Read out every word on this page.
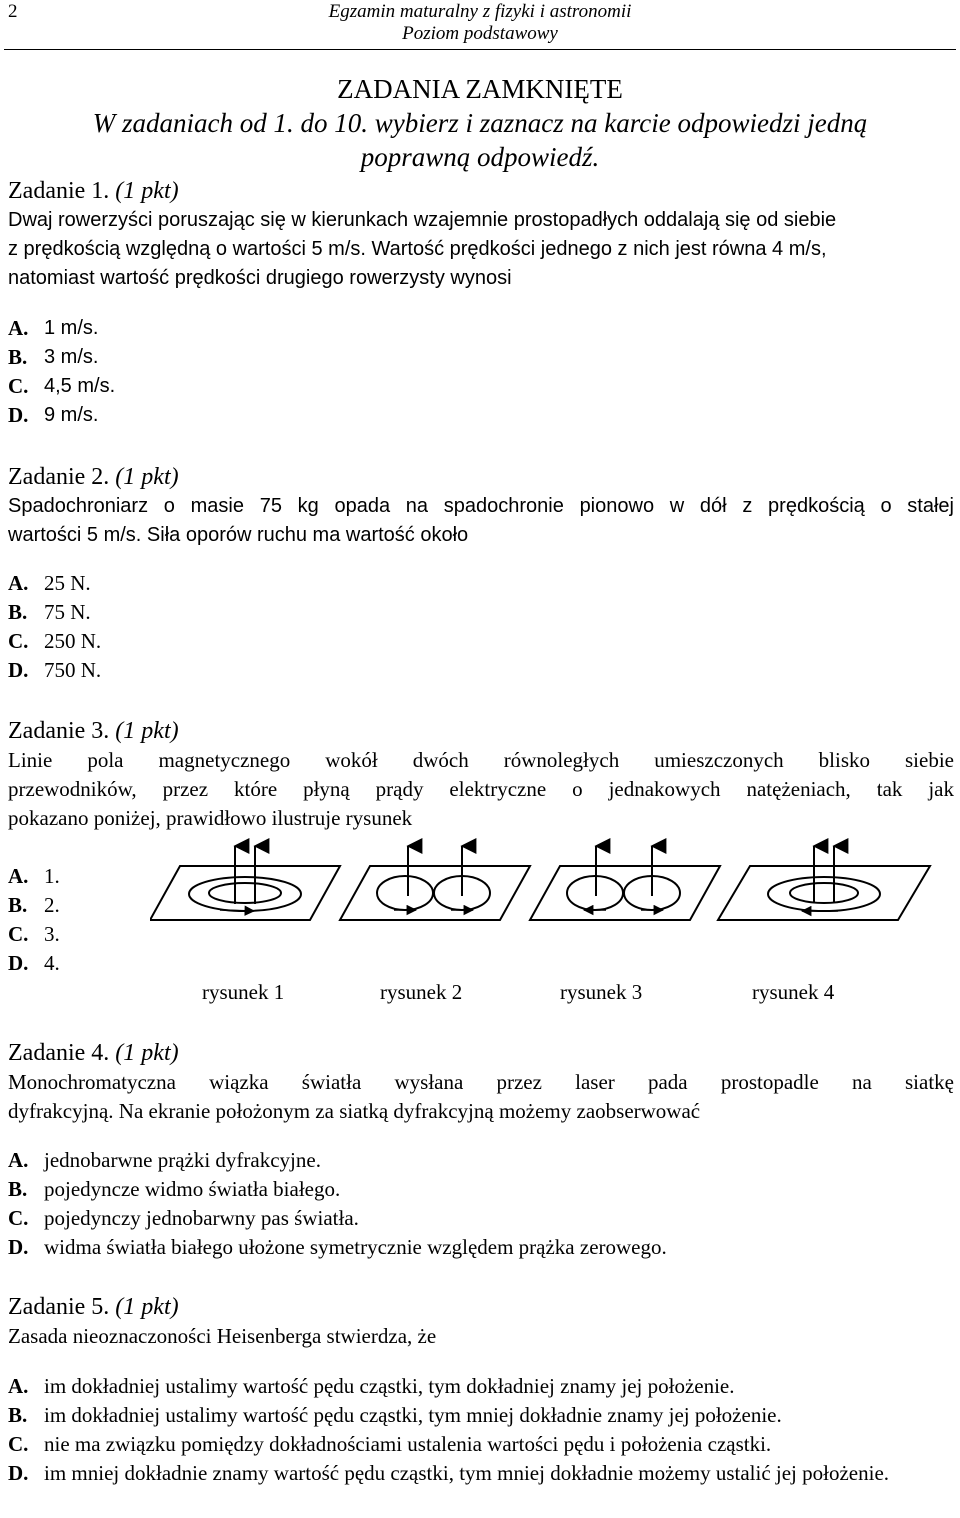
2	Egzamin maturalny z fizyki i astronomii
Poziom podstawowy
ZADANIA ZAMKNIĘTE
W zadaniach od 1. do 10. wybierz i zaznacz na karcie odpowiedzi jedną
poprawną odpowiedź.
Zadanie 1. (1 pkt)
Dwaj rowerzyści poruszając się w kierunkach wzajemnie prostopadłych oddalają się od siebie
z prędkością względną o wartości 5 m/s. Wartość prędkości jednego z nich jest równa 4 m/s,
natomiast wartość prędkości drugiego rowerzysty wynosi
A. 1 m/s.
B. 3 m/s.
C. 4,5 m/s.
D. 9 m/s.
Zadanie 2. (1 pkt)
Spadochroniarz o masie 75 kg opada na spadochronie pionowo w dół z prędkością o stałej
wartości 5 m/s. Siła oporów ruchu ma wartość około
A. 25 N.
B. 75 N.
C. 250 N.
D. 750 N.
Zadanie 3. (1 pkt)
Linie pola magnetycznego wokół dwóch równoległych umieszczonych blisko siebie
przewodników, przez które płyną prądy elektryczne o jednakowych natężeniach, tak jak
pokazano poniżej, prawidłowo ilustruje rysunek
A. 1.
B. 2.
C. 3.
D. 4.
rysunek 1	rysunek 2	rysunek 3	rysunek 4
Zadanie 4. (1 pkt)
Monochromatyczna wiązka światła wysłana przez laser pada prostopadle na siatkę
dyfrakcyjną. Na ekranie położonym za siatką dyfrakcyjną możemy zaobserwować
A. jednobarwne prążki dyfrakcyjne.
B. pojedyncze widmo światła białego.
C. pojedynczy jednobarwny pas światła.
D. widma światła białego ułożone symetrycznie względem prążka zerowego.
Zadanie 5. (1 pkt)
Zasada nieoznaczoności Heisenberga stwierdza, że
A. im dokładniej ustalimy wartość pędu cząstki, tym dokładniej znamy jej położenie.
B. im dokładniej ustalimy wartość pędu cząstki, tym mniej dokładnie znamy jej położenie.
C. nie ma związku pomiędzy dokładnościami ustalenia wartości pędu i położenia cząstki.
D. im mniej dokładnie znamy wartość pędu cząstki, tym mniej dokładnie możemy ustalić jej położenie.
